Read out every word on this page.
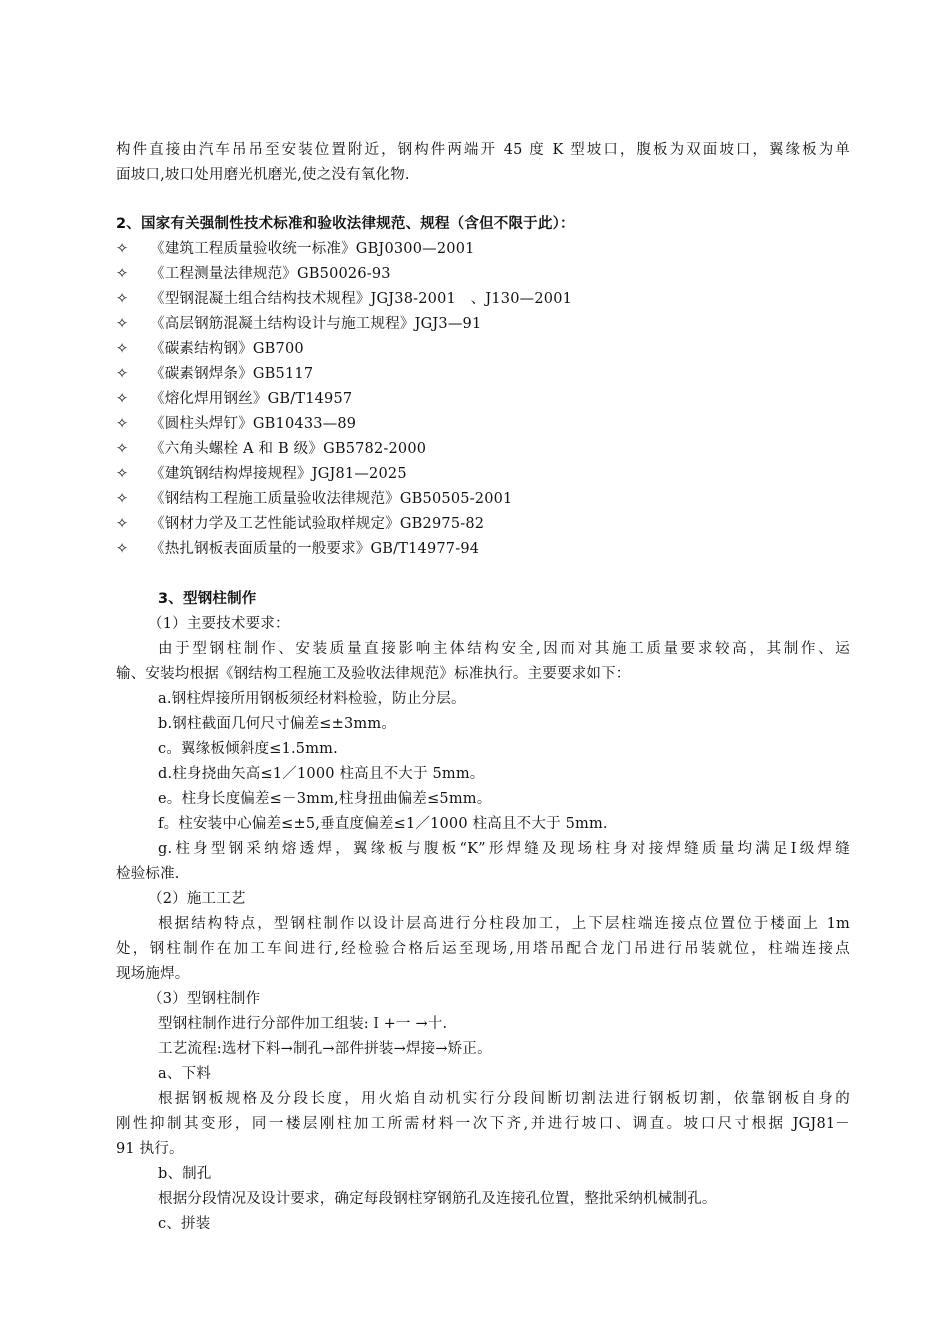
构件直接由汽车吊吊至安装位置附近，钢构件两端开 45 度 K 型坡口，腹板为双面坡口，翼缘板为单
面坡口,坡口处用磨光机磨光,使之没有氧化物.
2、国家有关强制性技术标准和验收法律规范、规程（含但不限于此）：
✧ 《建筑工程质量验收统一标准》GBJ0300—2001
✧ 《工程测量法律规范》GB50026-93
✧ 《型钢混凝土组合结构技术规程》JGJ38-2001　、J130—2001
✧ 《高层钢筋混凝土结构设计与施工规程》JGJ3—91
✧ 《碳素结构钢》GB700
✧ 《碳素钢焊条》GB5117
✧ 《熔化焊用钢丝》GB/T14957
✧ 《圆柱头焊钉》GB10433—89
✧ 《六角头螺栓 A 和 B 级》GB5782-2000
✧ 《建筑钢结构焊接规程》JGJ81—2025
✧ 《钢结构工程施工质量验收法律规范》GB50505-2001
✧ 《钢材力学及工艺性能试验取样规定》GB2975-82
✧ 《热扎钢板表面质量的一般要求》GB/T14977-94
3、型钢柱制作
（1）主要技术要求：
由于型钢柱制作、安装质量直接影响主体结构安全,因而对其施工质量要求较高，其制作、运
输、安装均根据《钢结构工程施工及验收法律规范》标准执行。主要要求如下：
a.钢柱焊接所用钢板须经材料检验，防止分层。
b.钢柱截面几何尺寸偏差≤±3mm。
c。翼缘板倾斜度≤1.5mm.
d.柱身挠曲矢高≤1／1000 柱高且不大于 5mm。
e。柱身长度偏差≤－3mm,柱身扭曲偏差≤5mm。
f。柱安装中心偏差≤±5,垂直度偏差≤1／1000 柱高且不大于 5mm.
g.柱身型钢采纳熔透焊，翼缘板与腹板“K”形焊缝及现场柱身对接焊缝质量均满足Ⅰ级焊缝
检验标准.
（2）施工工艺
根据结构特点，型钢柱制作以设计层高进行分柱段加工，上下层柱端连接点位置位于楼面上 1m
处，钢柱制作在加工车间进行,经检验合格后运至现场,用塔吊配合龙门吊进行吊装就位，柱端连接点
现场施焊。
（3）型钢柱制作
型钢柱制作进行分部件加工组装:Ｉ+一 →十.
工艺流程:选材下料→制孔→部件拼装→焊接→矫正。
a、下料
根据钢板规格及分段长度，用火焰自动机实行分段间断切割法进行钢板切割，依靠钢板自身的
刚性抑制其变形，同一楼层刚柱加工所需材料一次下齐,并进行坡口、调直。坡口尺寸根据 JGJ81－
91 执行。
b、制孔
根据分段情况及设计要求，确定每段钢柱穿钢筋孔及连接孔位置，整批采纳机械制孔。
c、拼装
